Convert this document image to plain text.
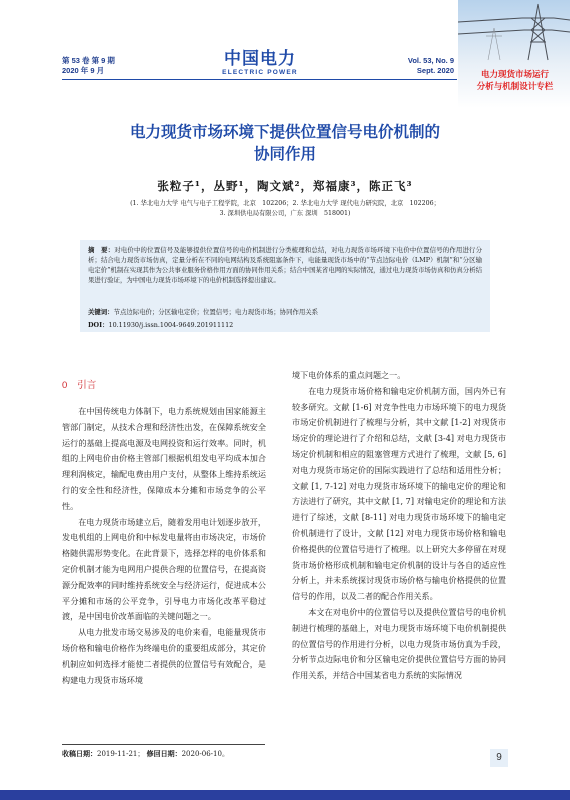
第 53 卷 第 9 期
2020 年 9 月
中国电力
ELECTRIC POWER
Vol. 53, No. 9
Sept. 2020	电力现货市场运行
分析与机制设计专栏
电力现货市场环境下提供位置信号电价机制的
协同作用
张粒子¹，丛野¹，陶文斌²，郑福康³，陈正飞³
(1. 华北电力大学 电气与电子工程学院，北京　102206；2. 华北电力大学 现代电力研究院，北京　102206；
3. 深圳供电局有限公司，广东 深圳　518001)
摘　要：对电价中的位置信号及能够提供位置信号的电价机制进行分类梳理和总结，对电力现货市场环境下电价中位置信号的作用进行分析；结合电力现货市场仿真，定量分析在不同的电网结构及系统阻塞条件下，电能量现货市场中的“节点边际电价（LMP）机制”和“分区输电定价”机制在实现其作为公共事业服务价格作用方面的协同作用关系；结合中国某省电网的实际情况，通过电力现货市场仿真和仿真分析结果进行验证，为中国电力现货市场环境下的电价机制选择提出建议。
关键词：节点边际电价；分区输电定价；位置信号；电力现货市场；协同作用关系
DOI：10.11930/j.issn.1004-9649.201911112
0　 引言

在中国传统电力体制下，电力系统规划由国家能源主管部门制定，从技术合理和经济性出发，在保障系统安全运行的基础上提高电源及电网投资和运行效率。同时，机组的上网电价由价格主管部门根据机组发电平均成本加合理利润核定，输配电费由用户支付，从整体上维持系统运行的安全性和经济性，保障成本分摊和市场竞争的公平性。

在电力现货市场建立后，随着发用电计划逐步放开，发电机组的上网电价和中标发电量将由市场决定，市场价格随供需形势变化。在此背景下，选择怎样的电价体系和定价机制才能为电网用户提供合理的位置信号，在提高资源分配效率的同时维持系统安全与经济运行，促进成本公平分摊和市场的公平竞争，引导电力市场化改革平稳过渡，是中国电价改革面临的关键问题之一。

从电力批发市场交易涉及的电价来看，电能量现货市场价格和输电价格作为终端电价的重要组成部分，其定价机制应如何选择才能使二者提供的位置信号有效配合，是构建电力现货市场环境

境下电价体系的重点问题之一。

在电力现货市场价格和输电定价机制方面，国内外已有较多研究。文献 [1-6] 对竞争性电力市场环境下的电力现货市场定价机制进行了梳理与分析，其中文献 [1-2] 对现货市场定价的理论进行了介绍和总结，文献 [3-4] 对电力现货市场定价机制和相应的阻塞管理方式进行了梳理，文献 [5, 6] 对电力现货市场定价的国际实践进行了总结和适用性分析；文献 [1, 7-12] 对电力现货市场环境下的输电定价的理论和方法进行了研究，其中文献 [1, 7] 对输电定价的理论和方法进行了综述，文献 [8-11] 对电力现货市场环境下的输电定价机制进行了设计，文献 [12] 对电力现货市场价格和输电价格提供的位置信号进行了梳理。以上研究大多停留在对现货市场价格形成机制和输电定价机制的设计与各自的适应性分析上，并未系统探讨现货市场价格与输电价格提供的位置信号的作用，以及二者的配合作用关系。

本文在对电价中的位置信号以及提供位置信号的电价机制进行梳理的基础上，对电力现货市场环境下电价机制提供的位置信号的作用进行分析，以电力现货市场仿真为手段，分析节点边际电价和分区输电定价提供位置信号方面的协同作用关系，并结合中国某省电力系统的实际情况

收稿日期：2019-11-21； 修回日期：2020-06-10。	9
